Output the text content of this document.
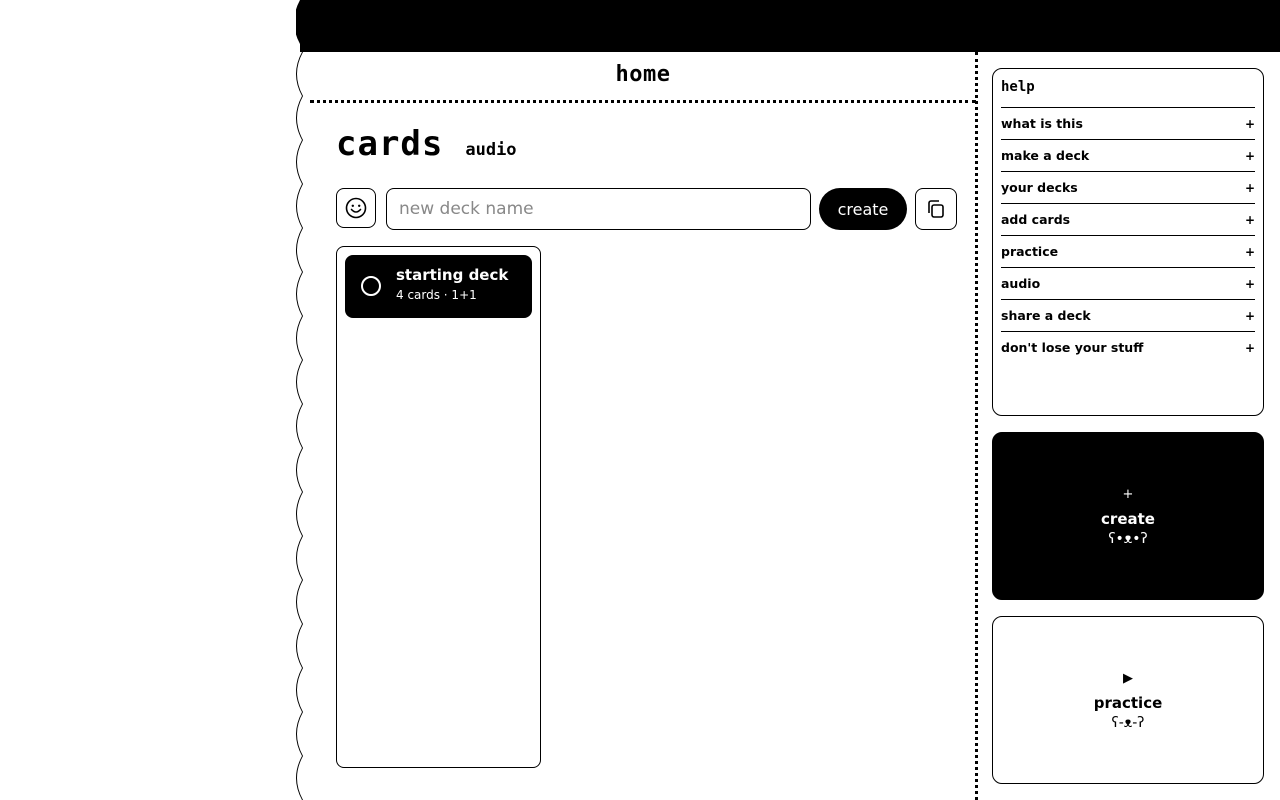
home
cards audio
new deck name
create
starting deck
4 cards · 1+1
help
what is this	+
make a deck	+
your decks	+
add cards	+
practice	+
audio	+
share a deck	+
don't lose your stuff	+
+
create
ʕ•ᴥ•ʔ
▶
practice
ʕ-ᴥ-ʔ
